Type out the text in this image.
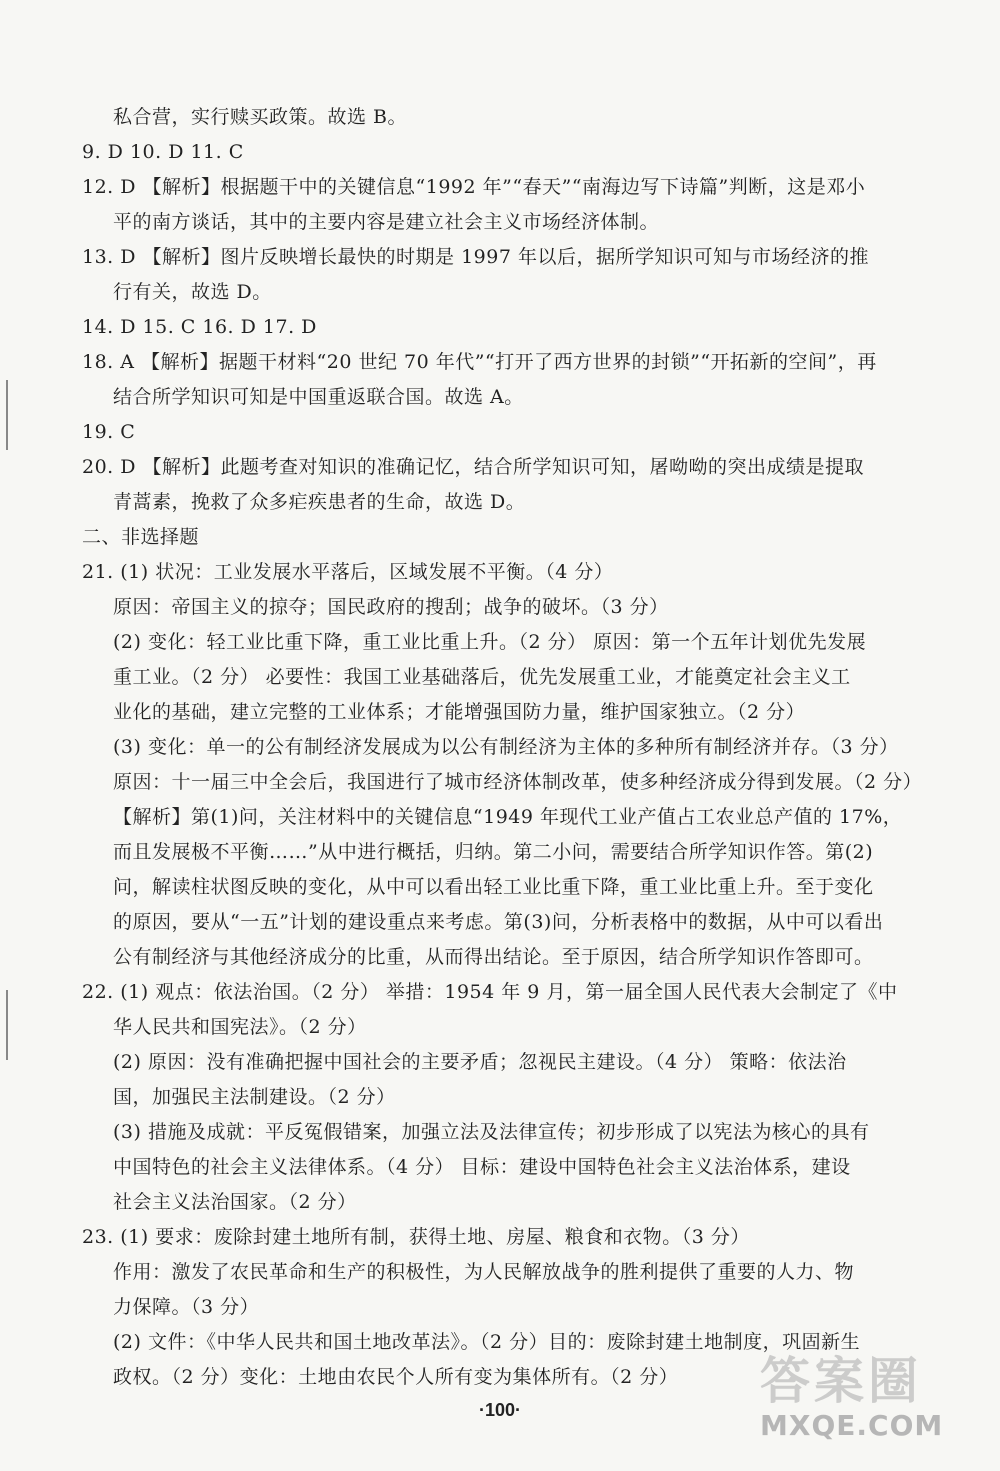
私合营，实行赎买政策。故选 B。
9. D 10. D 11. C
12. D 【解析】根据题干中的关键信息“1992 年”“春天”“南海边写下诗篇”判断，这是邓小
平的南方谈话，其中的主要内容是建立社会主义市场经济体制。
13. D 【解析】图片反映增长最快的时期是 1997 年以后，据所学知识可知与市场经济的推
行有关，故选 D。
14. D 15. C 16. D 17. D
18. A 【解析】据题干材料“20 世纪 70 年代”“打开了西方世界的封锁”“开拓新的空间”，再
结合所学知识可知是中国重返联合国。故选 A。
19. C
20. D 【解析】此题考查对知识的准确记忆，结合所学知识可知，屠呦呦的突出成绩是提取
青蒿素，挽救了众多疟疾患者的生命，故选 D。
二、非选择题
21. (1) 状况：工业发展水平落后，区域发展不平衡。（4 分）
原因：帝国主义的掠夺；国民政府的搜刮；战争的破坏。（3 分）
(2) 变化：轻工业比重下降，重工业比重上升。（2 分） 原因：第一个五年计划优先发展
重工业。（2 分） 必要性：我国工业基础落后，优先发展重工业，才能奠定社会主义工
业化的基础，建立完整的工业体系；才能增强国防力量，维护国家独立。（2 分）
(3) 变化：单一的公有制经济发展成为以公有制经济为主体的多种所有制经济并存。（3 分）
原因：十一届三中全会后，我国进行了城市经济体制改革，使多种经济成分得到发展。（2 分）
【解析】第(1)问，关注材料中的关键信息“1949 年现代工业产值占工农业总产值的 17%，
而且发展极不平衡……”从中进行概括，归纳。第二小问，需要结合所学知识作答。第(2)
问，解读柱状图反映的变化，从中可以看出轻工业比重下降，重工业比重上升。至于变化
的原因，要从“一五”计划的建设重点来考虑。第(3)问，分析表格中的数据，从中可以看出
公有制经济与其他经济成分的比重，从而得出结论。至于原因，结合所学知识作答即可。
22. (1) 观点：依法治国。（2 分） 举措：1954 年 9 月，第一届全国人民代表大会制定了《中
华人民共和国宪法》。（2 分）
(2) 原因：没有准确把握中国社会的主要矛盾；忽视民主建设。（4 分） 策略：依法治
国，加强民主法制建设。（2 分）
(3) 措施及成就：平反冤假错案，加强立法及法律宣传；初步形成了以宪法为核心的具有
中国特色的社会主义法律体系。（4 分） 目标：建设中国特色社会主义法治体系，建设
社会主义法治国家。（2 分）
23. (1) 要求：废除封建土地所有制，获得土地、房屋、粮食和衣物。（3 分）
作用：激发了农民革命和生产的积极性，为人民解放战争的胜利提供了重要的人力、物
力保障。（3 分）
(2) 文件：《中华人民共和国土地改革法》。（2 分）目的：废除封建土地制度，巩固新生
政权。（2 分）变化：土地由农民个人所有变为集体所有。（2 分）
·100·	答案圈
MXQE.COM
